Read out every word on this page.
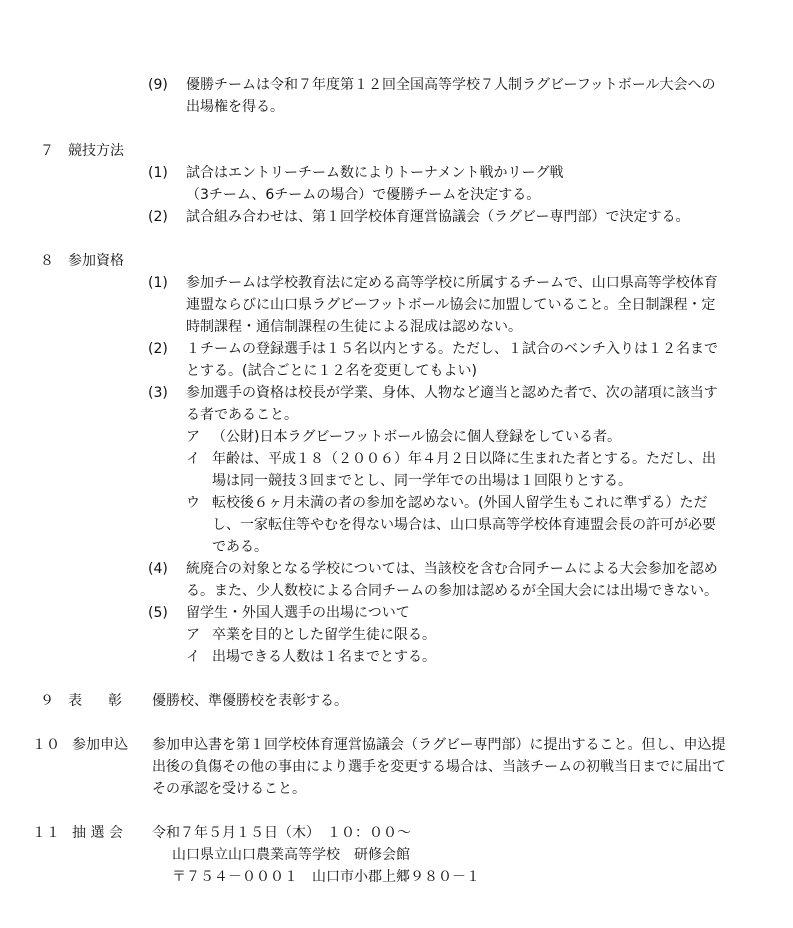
(9) 優勝チームは令和７年度第１２回全国高等学校７人制ラグビーフットボール大会への
出場権を得る。
７ 競技方法
(1) 試合はエントリーチーム数によりトーナメント戦かリーグ戦
（3チーム、6チームの場合）で優勝チームを決定する。
(2) 試合組み合わせは、第１回学校体育運営協議会（ラグビー専門部）で決定する。
８ 参加資格
(1) 参加チームは学校教育法に定める高等学校に所属するチームで、山口県高等学校体育
連盟ならびに山口県ラグビーフットボール協会に加盟していること。全日制課程・定
時制課程・通信制課程の生徒による混成は認めない。
(2) １チームの登録選手は１５名以内とする。ただし、１試合のベンチ入りは１２名まで
とする。(試合ごとに１２名を変更してもよい)
(3) 参加選手の資格は校長が学業、身体、人物など適当と認めた者で、次の諸項に該当す
る者であること。
ア （公財)日本ラグビーフットボール協会に個人登録をしている者。
イ 年齢は、平成１８（２００６）年４月２日以降に生まれた者とする。ただし、出
場は同一競技３回までとし、同一学年での出場は１回限りとする。
ウ 転校後６ヶ月未満の者の参加を認めない。(外国人留学生もこれに準ずる）ただ
し、一家転住等やむを得ない場合は、山口県高等学校体育連盟会長の許可が必要
である。
(4) 統廃合の対象となる学校については、当該校を含む合同チームによる大会参加を認め
る。また、少人数校による合同チームの参加は認めるが全国大会には出場できない。
(5) 留学生・外国人選手の出場について
ア 卒業を目的とした留学生徒に限る。
イ 出場できる人数は１名までとする。
９ 表 彰 優勝校、準優勝校を表彰する。
１０ 参加申込 参加申込書を第１回学校体育運営協議会（ラグビー専門部）に提出すること。但し、申込提
出後の負傷その他の事由により選手を変更する場合は、当該チームの初戦当日までに届出て
その承認を受けること。
１１ 抽 選 会 令和７年５月１５日（木）　１０：００～
山口県立山口農業高等学校　研修会館
〒７５４－０００１　山口市小郡上郷９８０－１
